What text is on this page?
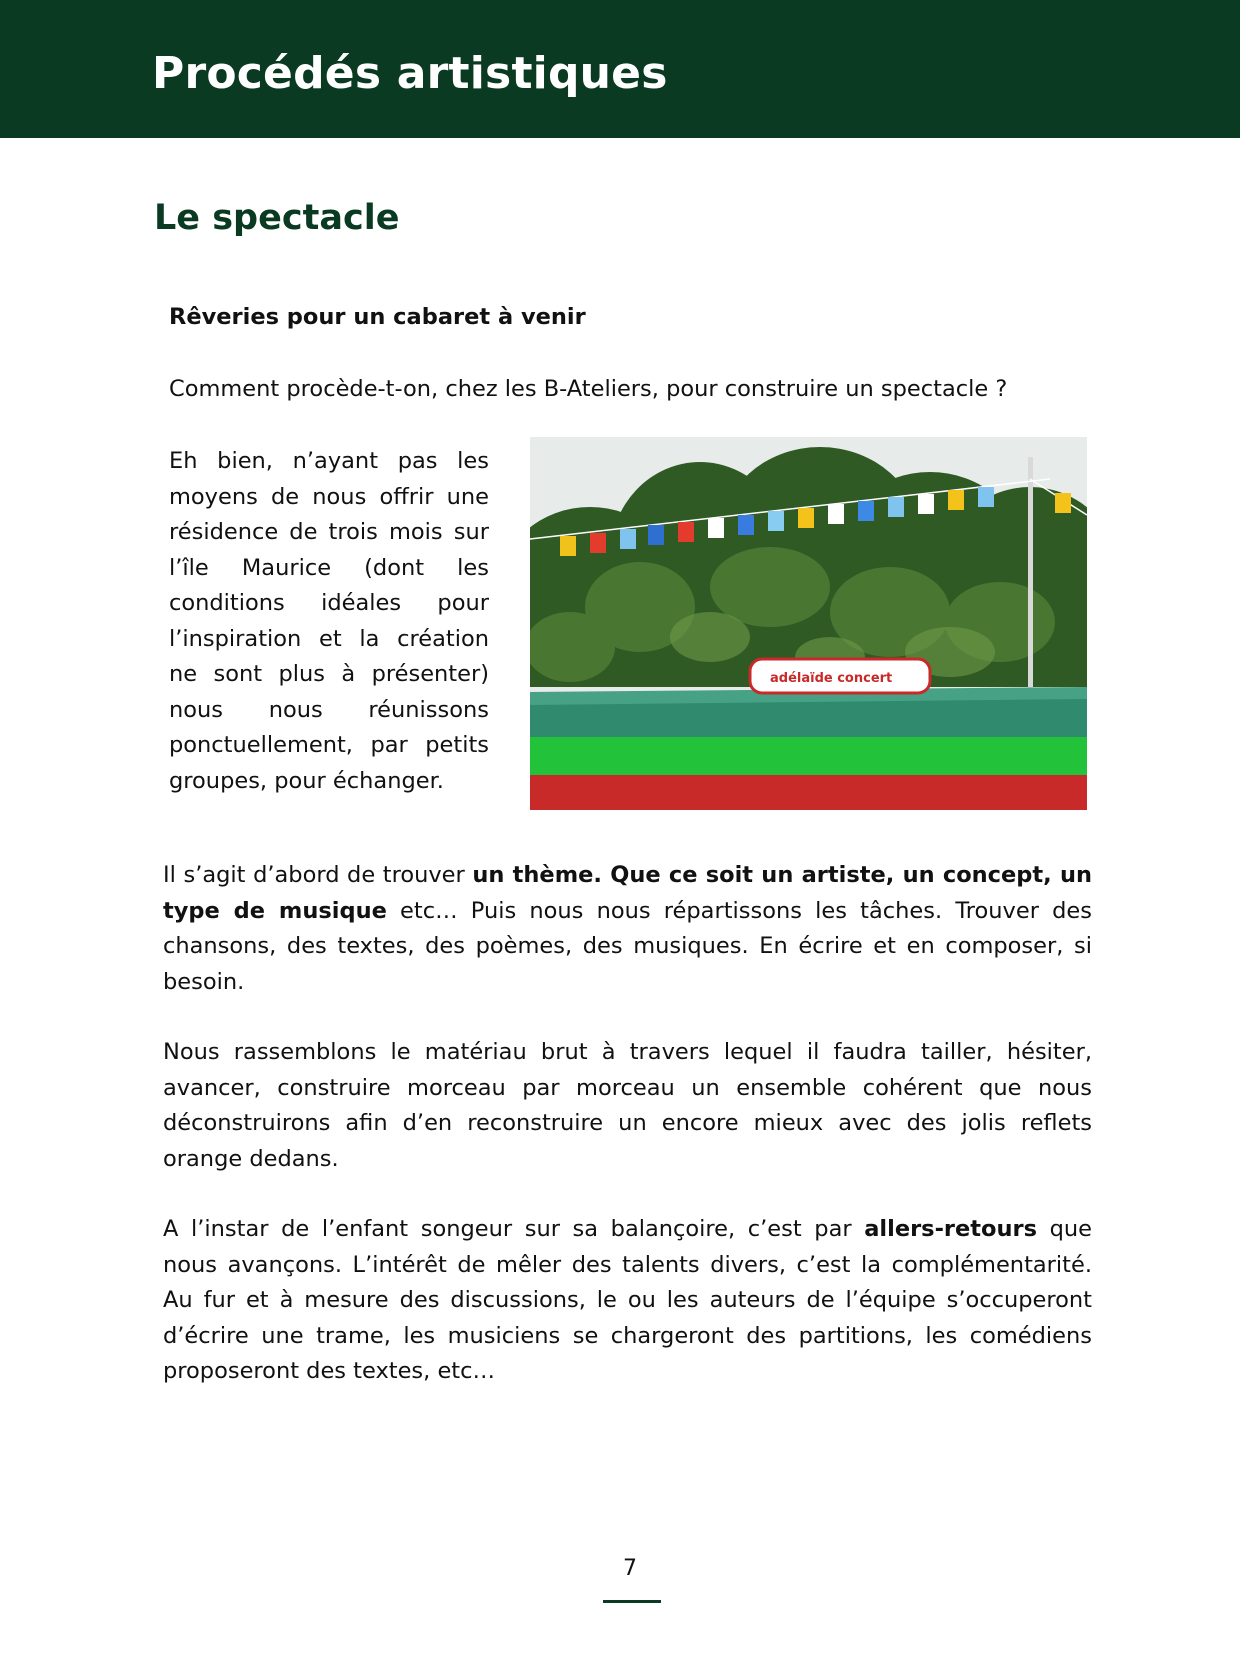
Procédés artistiques
Le spectacle

Rêveries pour un cabaret à venir

Comment procède-t-on, chez les B-Ateliers, pour construire un spectacle ?

Eh bien, n’ayant pas les moyens de nous offrir une résidence de trois mois sur l’île Maurice (dont les conditions idéales pour l’inspiration et la création ne sont plus à présenter) nous nous réunissons ponctuellement, par petits groupes, pour échanger.

adélaïde concert

Il s’agit d’abord de trouver un thème. Que ce soit un artiste, un concept, un type de musique etc… Puis nous nous répartissons les tâches. Trouver des chansons, des textes, des poèmes, des musiques. En écrire et en composer, si besoin.

Nous rassemblons le matériau brut à travers lequel il faudra tailler, hésiter, avancer, construire morceau par morceau un ensemble cohérent que nous déconstruirons afin d’en reconstruire un encore mieux avec des jolis reflets orange dedans.

A l’instar de l’enfant songeur sur sa balançoire, c’est par allers-retours que nous avançons. L’intérêt de mêler des talents divers, c’est la complémentarité. Au fur et à mesure des discussions, le ou les auteurs de l’équipe s’occuperont d’écrire une trame, les musiciens se chargeront des partitions, les comédiens proposeront des textes, etc…

7
